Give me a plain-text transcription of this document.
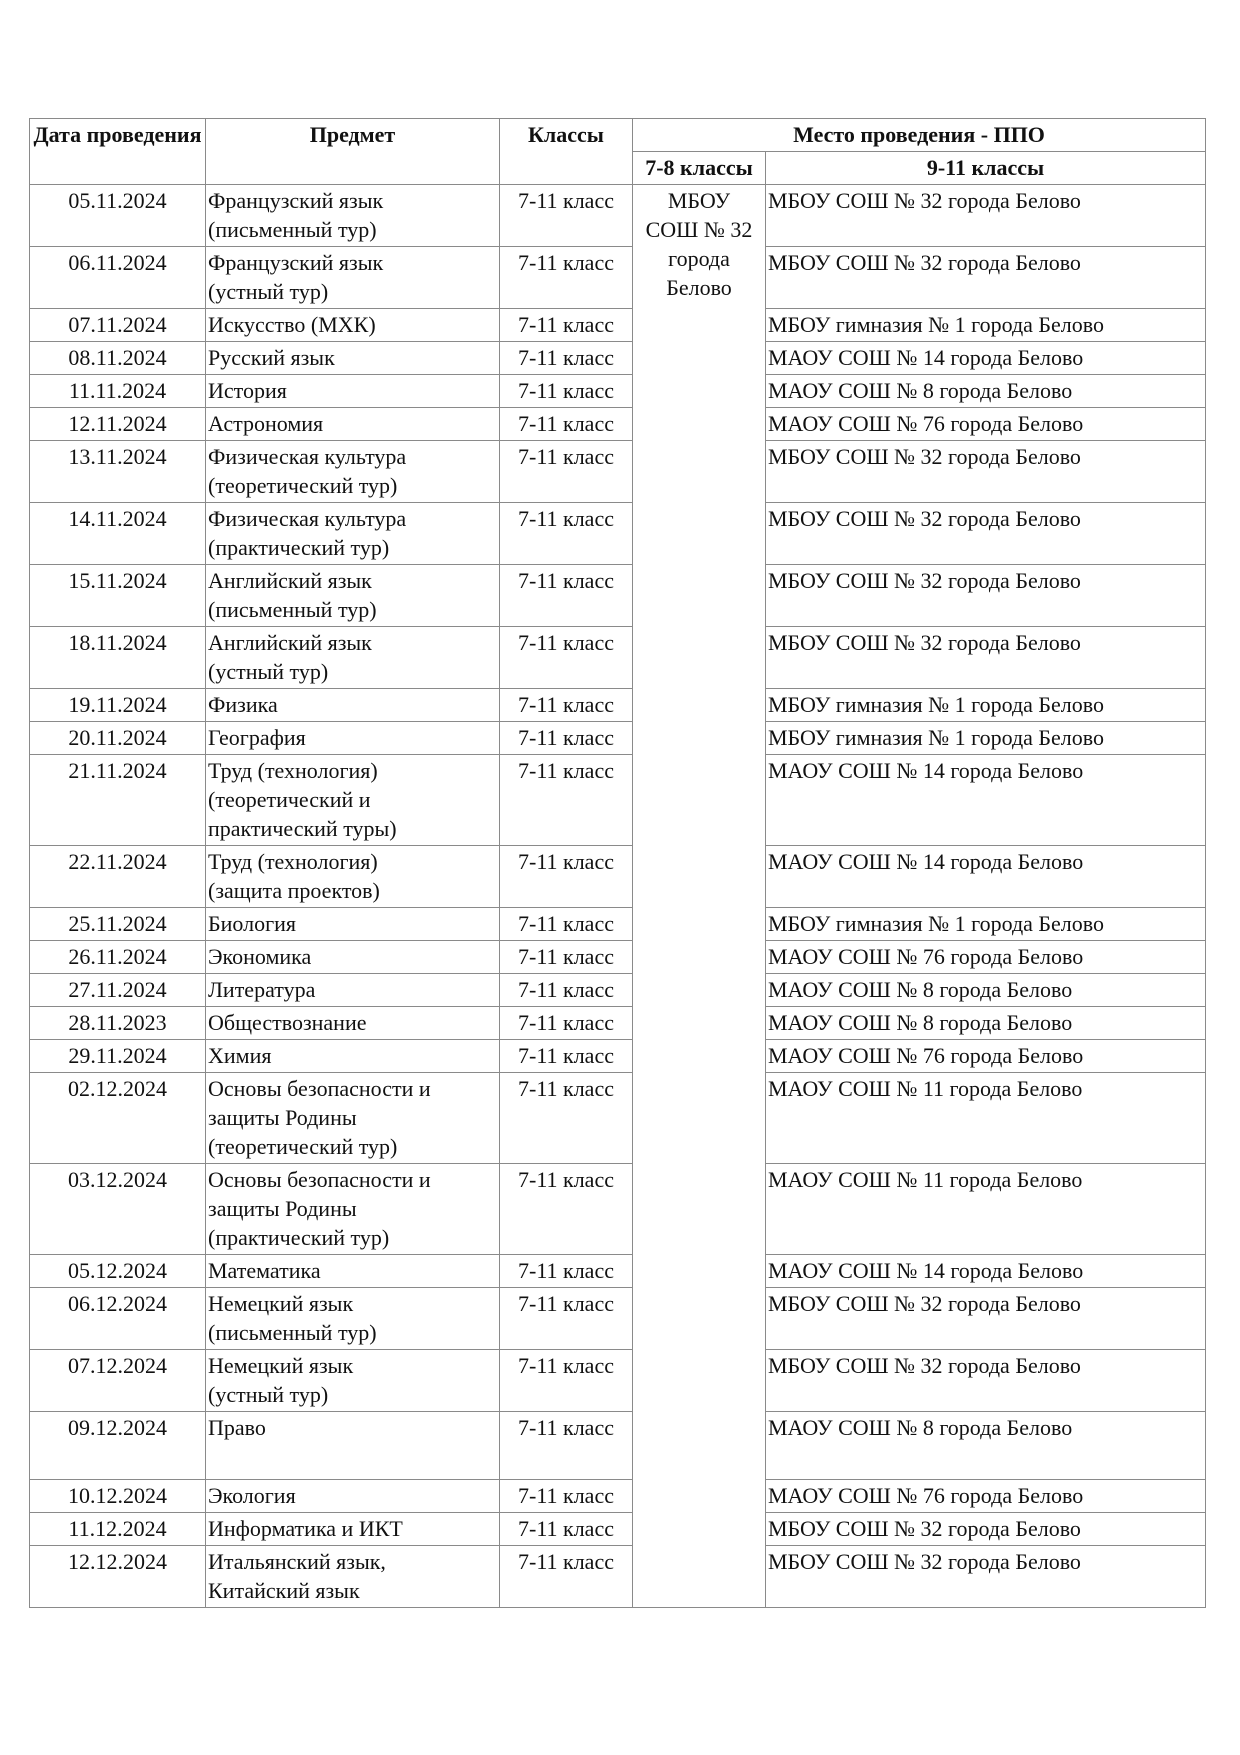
Дата проведения	Предмет	Классы	Место проведения - ППО	
			7-8 классы	9-11 классы
05.11.2024	Французский язык
(письменный тур)	7-11 класс	МБОУ
СОШ № 32
города
Белово	МБОУ СОШ № 32 города Белово
06.11.2024	Французский язык
(устный тур)	7-11 класс		МБОУ СОШ № 32 города Белово
07.11.2024	Искусство (МХК)	7-11 класс		МБОУ гимназия № 1 города Белово
08.11.2024	Русский язык	7-11 класс		МАОУ СОШ № 14 города Белово
11.11.2024	История	7-11 класс		МАОУ СОШ № 8 города Белово
12.11.2024	Астрономия	7-11 класс		МАОУ СОШ № 76 города Белово
13.11.2024	Физическая культура
(теоретический тур)	7-11 класс		МБОУ СОШ № 32 города Белово
14.11.2024	Физическая культура
(практический тур)	7-11 класс		МБОУ СОШ № 32 города Белово
15.11.2024	Английский язык
(письменный тур)	7-11 класс		МБОУ СОШ № 32 города Белово
18.11.2024	Английский язык
(устный тур)	7-11 класс		МБОУ СОШ № 32 города Белово
19.11.2024	Физика	7-11 класс		МБОУ гимназия № 1 города Белово
20.11.2024	География	7-11 класс		МБОУ гимназия № 1 города Белово
21.11.2024	Труд (технология)
(теоретический и
практический туры)	7-11 класс		МАОУ СОШ № 14 города Белово
22.11.2024	Труд (технология)
(защита проектов)	7-11 класс		МАОУ СОШ № 14 города Белово
25.11.2024	Биология	7-11 класс		МБОУ гимназия № 1 города Белово
26.11.2024	Экономика	7-11 класс		МАОУ СОШ № 76 города Белово
27.11.2024	Литература	7-11 класс		МАОУ СОШ № 8 города Белово
28.11.2023	Обществознание	7-11 класс		МАОУ СОШ № 8 города Белово
29.11.2024	Химия	7-11 класс		МАОУ СОШ № 76 города Белово
02.12.2024	Основы безопасности и
защиты Родины
(теоретический тур)	7-11 класс		МАОУ СОШ № 11 города Белово
03.12.2024	Основы безопасности и
защиты Родины
(практический тур)	7-11 класс		МАОУ СОШ № 11 города Белово
05.12.2024	Математика	7-11 класс		МАОУ СОШ № 14 города Белово
06.12.2024	Немецкий язык
(письменный тур)	7-11 класс		МБОУ СОШ № 32 города Белово
07.12.2024	Немецкий язык
(устный тур)	7-11 класс		МБОУ СОШ № 32 города Белово
09.12.2024	Право	7-11 класс		МАОУ СОШ № 8 города Белово
10.12.2024	Экология	7-11 класс		МАОУ СОШ № 76 города Белово
11.12.2024	Информатика и ИКТ	7-11 класс		МБОУ СОШ № 32 города Белово
12.12.2024	Итальянский язык,
Китайский язык	7-11 класс		МБОУ СОШ № 32 города Белово
